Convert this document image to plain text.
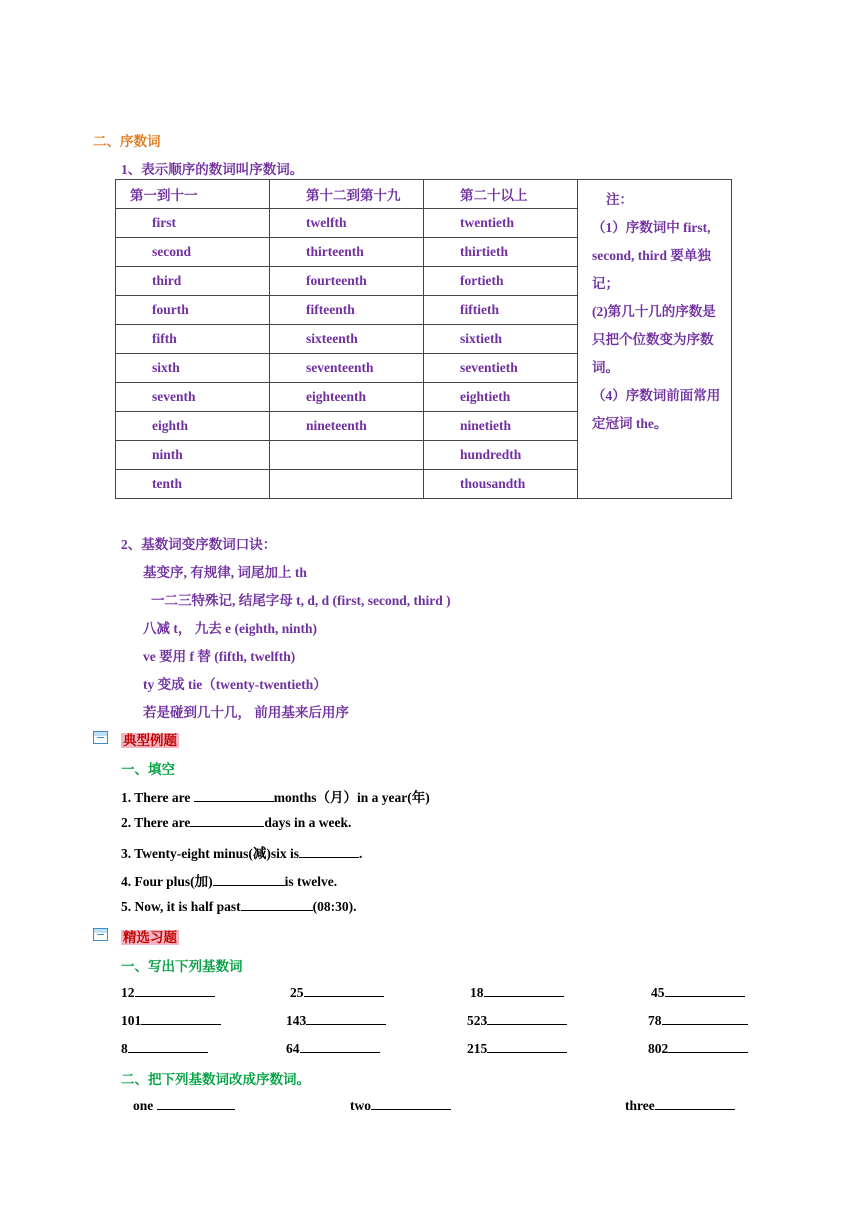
二、序数词
1、表示顺序的数词叫序数词。
第一到十一	第十二到第十九	第二十以上	注：
（1）序数词中 first, second, third 要单独记；
(2)第几十几的序数是只把个位数变为序数词。
（4）序数词前面常用定冠词 the。

first	twelfth	twentieth	
second	thirteenth	thirtieth	
third	fourteenth	fortieth	
fourth	fifteenth	fiftieth	
fifth	sixteenth	sixtieth	
sixth	seventeenth	seventieth	
seventh	eighteenth	eightieth	
eighth	nineteenth	ninetieth	
ninth		hundredth	
tenth		thousandth	
2、基数词变序数词口诀：
基变序, 有规律, 词尾加上 th
一二三特殊记, 结尾字母 t, d, d (first, second, third )
八减 t， 九去 e (eighth, ninth)
ve 要用 f 替 (fifth, twelfth)
ty 变成 tie（twenty-twentieth）
若是碰到几十几， 前用基来后用序
典型例题
一、填空
1. There are	months（月）in a year(年)
2. There are	days in a week.
3. Twenty-eight minus(减)six is	.
4. Four plus(加)	is twelve.
5. Now, it is half past	(08:30).
精选习题
一、写出下列基数词
12	25	18	45
101	143	523	78
8	64	215	802
二、把下列基数词改成序数词。
one	two	three
